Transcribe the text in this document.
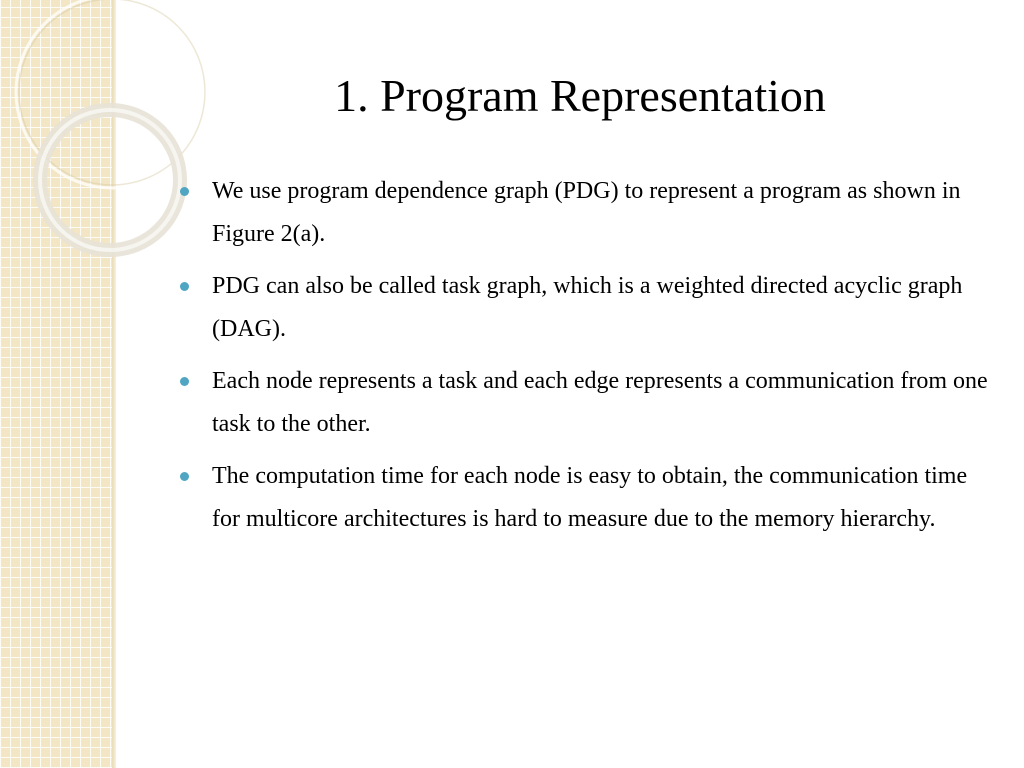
1. Program Representation
We use program dependence graph (PDG) to represent a program as shown in Figure 2(a).
PDG can also be called task graph, which is a weighted directed acyclic graph (DAG).
Each node represents a task and each edge represents a communication from one task to the other.
The computation time for each node is easy to obtain, the communication time for multicore architectures is hard to measure due to the memory hierarchy.
